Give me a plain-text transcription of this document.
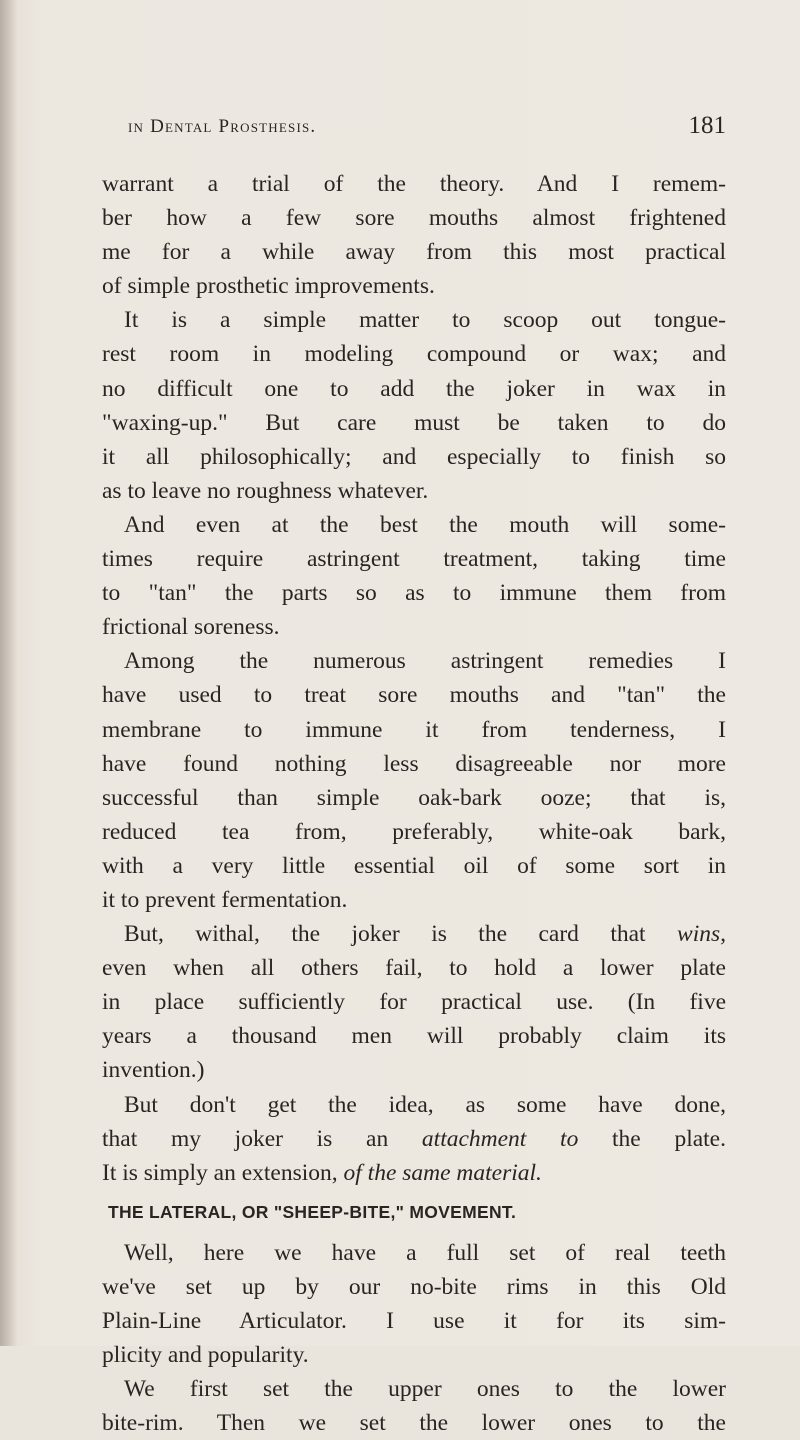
in Dental Prosthesis.	181
warrant a trial of the theory. And I remem-
ber how a few sore mouths almost frightened
me for a while away from this most practical
of simple prosthetic improvements.
It is a simple matter to scoop out tongue-
rest room in modeling compound or wax; and
no difficult one to add the joker in wax in
"waxing-up." But care must be taken to do
it all philosophically; and especially to finish so
as to leave no roughness whatever.
And even at the best the mouth will some-
times require astringent treatment, taking time
to "tan" the parts so as to immune them from
frictional soreness.
Among the numerous astringent remedies I
have used to treat sore mouths and "tan" the
membrane to immune it from tenderness, I
have found nothing less disagreeable nor more
successful than simple oak-bark ooze; that is,
reduced tea from, preferably, white-oak bark,
with a very little essential oil of some sort in
it to prevent fermentation.
But, withal, the joker is the card that wins,
even when all others fail, to hold a lower plate
in place sufficiently for practical use. (In five
years a thousand men will probably claim its
invention.)
But don't get the idea, as some have done,
that my joker is an attachment to the plate.
It is simply an extension, of the same material.
THE LATERAL, OR "SHEEP-BITE," MOVEMENT.
Well, here we have a full set of real teeth
we've set up by our no-bite rims in this Old
Plain-Line Articulator. I use it for its sim-
plicity and popularity.
We first set the upper ones to the lower
bite-rim. Then we set the lower ones to the
